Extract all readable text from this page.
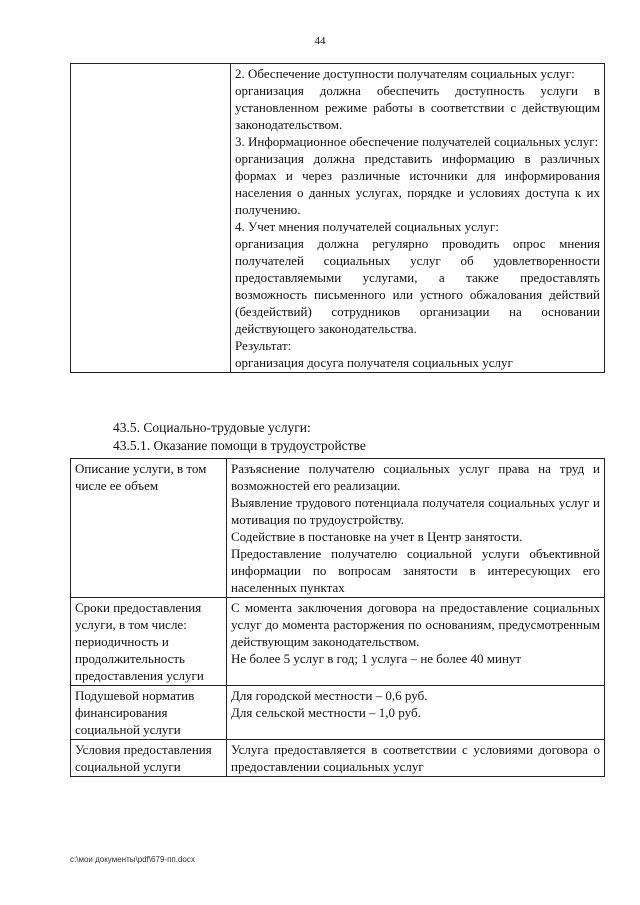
44

2. Обеспечение доступности получателям социальных услуг:

организация должна обеспечить доступность услуги в установленном режиме работы в соответствии с действующим законодательством.

3. Информационное обеспечение получателей социальных услуг:

организация должна представить информацию в различных формах и через различные источники для информирования населения о данных услугах, порядке и условиях доступа к их получению.

4. Учет мнения получателей социальных услуг:

организация должна регулярно проводить опрос мнения получателей социальных услуг об удовлетворенности предоставляемыми услугами, а также предоставлять возможность письменного или устного обжалования действий (бездействий) сотрудников организации на основании действующего законодательства.

Результат:

организация досуга получателя социальных услуг

43.5. Социально-трудовые услуги:
43.5.1. Оказание помощи в трудоустройстве
Описание услуги, в том числе ее объем	Разъяснение получателю социальных услуг права на труд и возможностей его реализации.

Выявление трудового потенциала получателя социальных услуг и мотивация по трудоустройству.

Содействие в постановке на учет в Центр занятости.

Предоставление получателю социальной услуги объективной информации по вопросам занятости в интересующих его населенных пунктах

Сроки предоставления услуги, в том числе: периодичность и продолжительность предоставления услуги	С момента заключения договора на предоставление социальных услуг до момента расторжения по основаниям, предусмотренным действующим законодательством.

Не более 5 услуг в год; 1 услуга – не более 40 минут

Подушевой норматив финансирования социальной услуги	Для городской местности – 0,6 руб.

Для сельской местности – 1,0 руб.

Условия предоставления социальной услуги	Услуга предоставляется в соответствии с условиями договора о предоставлении социальных услуг

c:\мои документы\pdf\679-пп.docx
